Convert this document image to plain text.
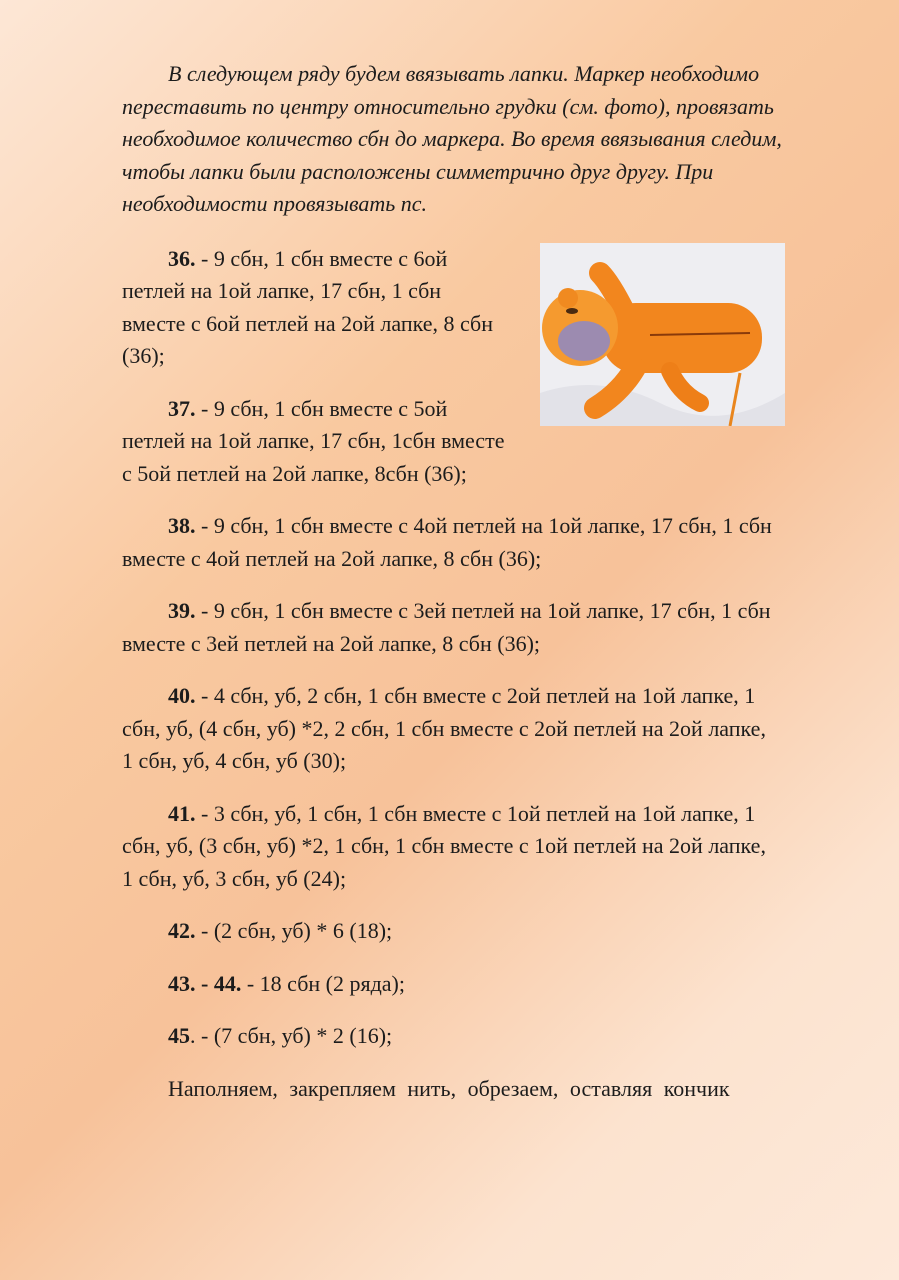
В следующем ряду будем ввязывать лапки. Маркер необходимо переставить по центру относительно грудки (см. фото), провязать необходимое количество сбн до маркера. Во время ввязывания следим, чтобы лапки были расположены симметрично друг другу. При необходимости провязывать пс.

36. - 9 сбн, 1 сбн вместе с 6ой петлей на 1ой лапке, 17 сбн, 1 сбн вместе с 6ой петлей на 2ой лапке, 8 сбн (36);

37. - 9 сбн, 1 сбн вместе с 5ой петлей на 1ой лапке, 17 сбн, 1сбн вместе с 5ой петлей на 2ой лапке, 8сбн (36);

38. - 9 сбн, 1 сбн вместе с 4ой петлей на 1ой лапке, 17 сбн, 1 сбн вместе с 4ой петлей на 2ой лапке, 8 сбн (36);

39. - 9 сбн, 1 сбн вместе с 3ей петлей на 1ой лапке, 17 сбн, 1 сбн вместе с 3ей петлей на 2ой лапке, 8 сбн (36);

40. - 4 сбн, уб, 2 сбн, 1 сбн вместе с 2ой петлей на 1ой лапке, 1 сбн, уб, (4 сбн, уб) *2, 2 сбн, 1 сбн вместе с 2ой петлей на 2ой лапке, 1 сбн, уб, 4 сбн, уб (30);

41. - 3 сбн, уб, 1 сбн, 1 сбн вместе с 1ой петлей на 1ой лапке, 1 сбн, уб, (3 сбн, уб) *2, 1 сбн, 1 сбн вместе с 1ой петлей на 2ой лапке, 1 сбн, уб, 3 сбн, уб (24);

42. - (2 сбн, уб) * 6 (18);

43. - 44. - 18 сбн (2 ряда);

45. - (7 сбн, уб) * 2 (16);

Наполняем, закрепляем нить, обрезаем, оставляя кончик
